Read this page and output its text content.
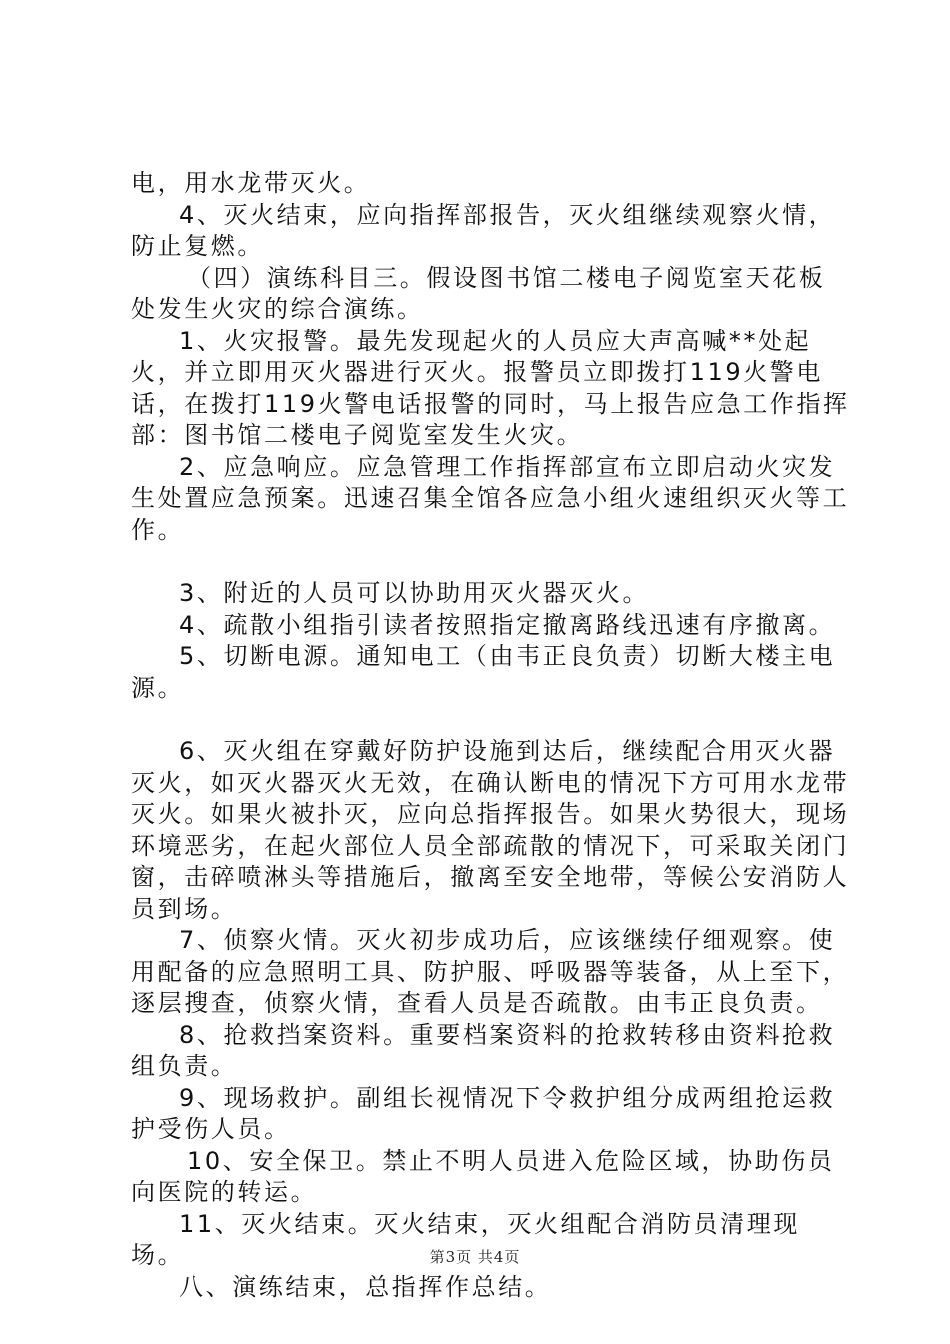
电，用水龙带灭火。

4、灭火结束，应向指挥部报告，灭火组继续观察火情，防止复燃。

（四）演练科目三。假设图书馆二楼电子阅览室天花板处发生火灾的综合演练。

1、火灾报警。最先发现起火的人员应大声高喊**处起火，并立即用灭火器进行灭火。报警员立即拨打119火警电话，在拨打119火警电话报警的同时，马上报告应急工作指挥部：图书馆二楼电子阅览室发生火灾。

2、应急响应。应急管理工作指挥部宣布立即启动火灾发生处置应急预案。迅速召集全馆各应急小组火速组织灭火等工作。

3、附近的人员可以协助用灭火器灭火。

4、疏散小组指引读者按照指定撤离路线迅速有序撤离。

5、切断电源。通知电工（由韦正良负责）切断大楼主电源。

6、灭火组在穿戴好防护设施到达后，继续配合用灭火器灭火，如灭火器灭火无效，在确认断电的情况下方可用水龙带灭火。如果火被扑灭，应向总指挥报告。如果火势很大，现场环境恶劣，在起火部位人员全部疏散的情况下，可采取关闭门窗，击碎喷淋头等措施后，撤离至安全地带，等候公安消防人员到场。

7、侦察火情。灭火初步成功后，应该继续仔细观察。使用配备的应急照明工具、防护服、呼吸器等装备，从上至下，逐层搜查，侦察火情，查看人员是否疏散。由韦正良负责。

8、抢救挡案资料。重要档案资料的抢救转移由资料抢救组负责。

9、现场救护。副组长视情况下令救护组分成两组抢运救护受伤人员。

10、安全保卫。禁止不明人员进入危险区域，协助伤员向医院的转运。

11、灭火结束。灭火结束，灭火组配合消防员清理现场。

八、演练结束，总指挥作总结。

第3页 共4页
